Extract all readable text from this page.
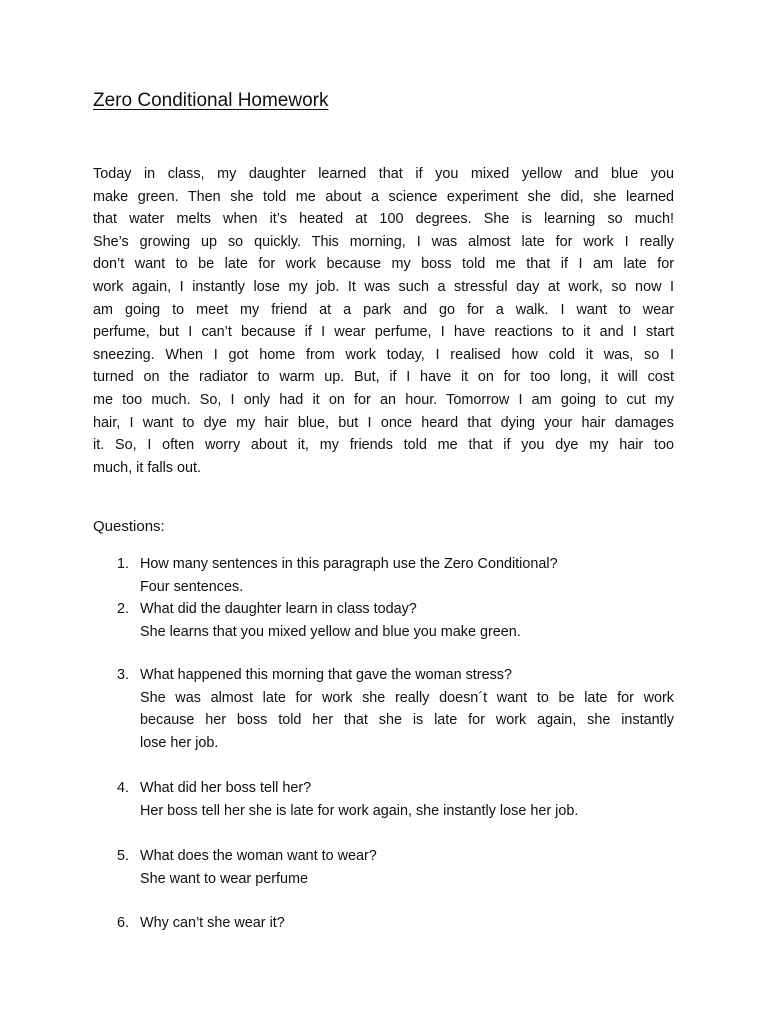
Zero Conditional Homework
Today in class, my daughter learned that if you mixed yellow and blue you
make green. Then she told me about a science experiment she did, she learned
that water melts when it’s heated at 100 degrees. She is learning so much!
She’s growing up so quickly. This morning, I was almost late for work I really
don’t want to be late for work because my boss told me that if I am late for
work again, I instantly lose my job. It was such a stressful day at work, so now I
am going to meet my friend at a park and go for a walk. I want to wear
perfume, but I can’t because if I wear perfume, I have reactions to it and I start
sneezing. When I got home from work today, I realised how cold it was, so I
turned on the radiator to warm up. But, if I have it on for too long, it will cost
me too much. So, I only had it on for an hour. Tomorrow I am going to cut my
hair, I want to dye my hair blue, but I once heard that dying your hair damages
it. So, I often worry about it, my friends told me that if you dye my hair too
much, it falls out.
Questions:
1. How many sentences in this paragraph use the Zero Conditional?
Four sentences.
2. What did the daughter learn in class today?
She learns that you mixed yellow and blue you make green.
3. What happened this morning that gave the woman stress?
She was almost late for work she really doesn´t want to be late for work
because her boss told her that she is late for work again, she instantly
lose her job.
4. What did her boss tell her?
Her boss tell her she is late for work again, she instantly lose her job.
5. What does the woman want to wear?
She want to wear perfume
6. Why can’t she wear it?
